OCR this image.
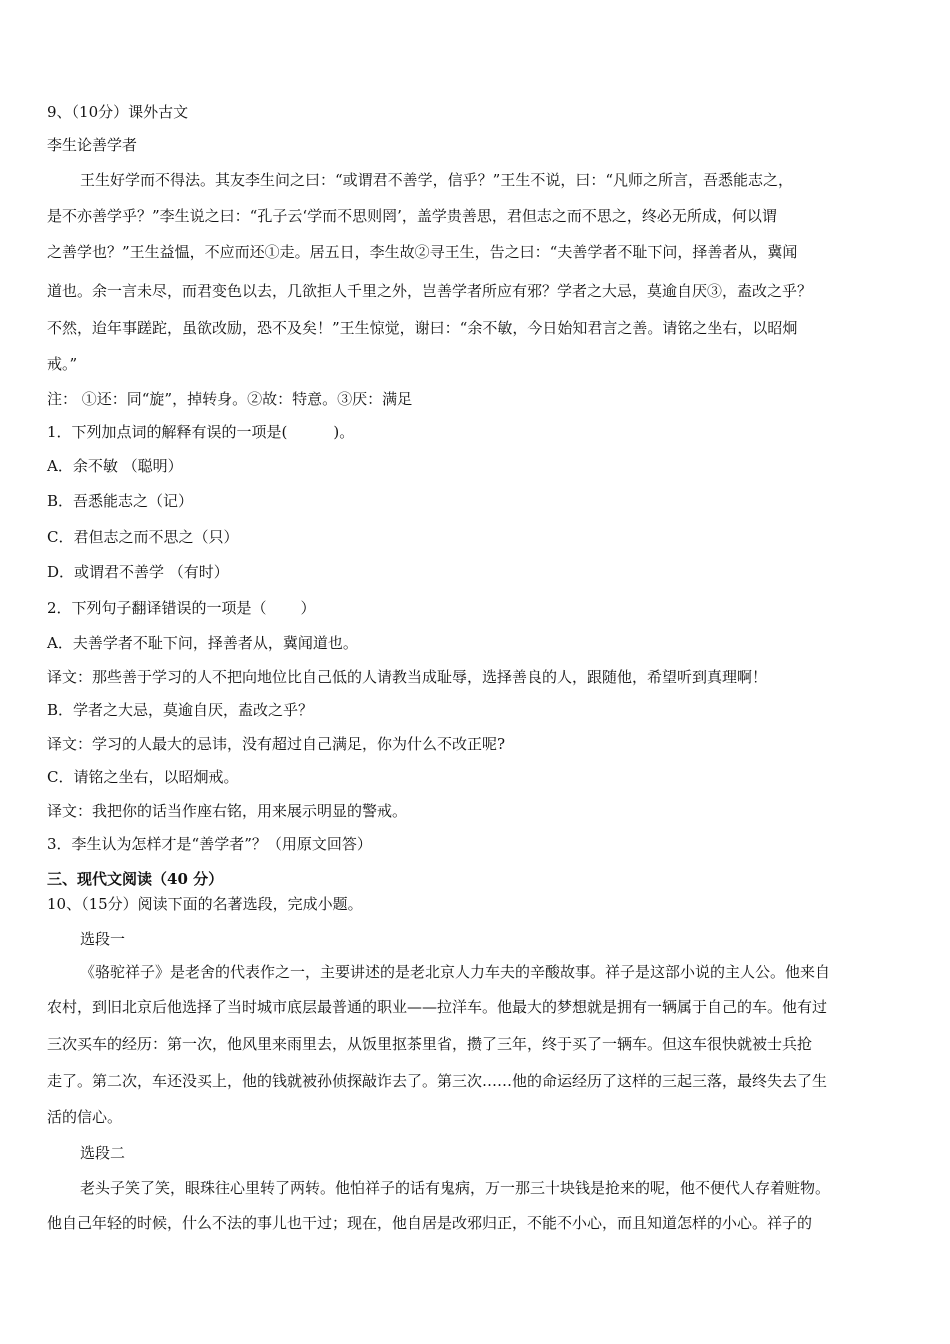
9、（10分）课外古文
李生论善学者
王生好学而不得法。其友李生问之曰：“或谓君不善学，信乎？”王生不说，曰：“凡师之所言，吾悉能志之，
是不亦善学乎？”李生说之曰：“孔子云‘学而不思则罔’，盖学贵善思，君但志之而不思之，终必无所成，何以谓
之善学也？”王生益愠，不应而还①走。居五日，李生故②寻王生，告之曰：“夫善学者不耻下问，择善者从，冀闻
道也。余一言未尽，而君变色以去，几欲拒人千里之外，岂善学者所应有邪？学者之大忌，莫逾自厌③，盍改之乎？
不然，迨年事蹉跎，虽欲改励，恐不及矣！”王生惊觉，谢曰：“余不敏，今日始知君言之善。请铭之坐右，以昭炯
戒。”
注： ①还：同“旋”，掉转身。②故：特意。③厌：满足
1．下列加点词的解释有误的一项是(	)。
A．余不敏 （聪明）
B．吾悉能志之（记）
C．君但志之而不思之（只）
D．或谓君不善学 （有时）
2．下列句子翻译错误的一项是（ ）
A．夫善学者不耻下问，择善者从，冀闻道也。
译文：那些善于学习的人不把向地位比自己低的人请教当成耻辱，选择善良的人，跟随他，希望听到真理啊！
B．学者之大忌，莫逾自厌，盍改之乎？
译文：学习的人最大的忌讳，没有超过自己满足，你为什么不改正呢?
C．请铭之坐右，以昭炯戒。
译文：我把你的话当作座右铭，用来展示明显的警戒。
3．李生认为怎样才是“善学者”？（用原文回答）
三、现代文阅读（40 分）
10、（15分）阅读下面的名著选段，完成小题。
选段一
《骆驼祥子》是老舍的代表作之一，主要讲述的是老北京人力车夫的辛酸故事。祥子是这部小说的主人公。他来自
农村，到旧北京后他选择了当时城市底层最普通的职业——拉洋车。他最大的梦想就是拥有一辆属于自己的车。他有过
三次买车的经历：第一次，他风里来雨里去，从饭里抠茶里省，攒了三年，终于买了一辆车。但这车很快就被士兵抢
走了。第二次，车还没买上，他的钱就被孙侦探敲诈去了。第三次……他的命运经历了这样的三起三落，最终失去了生
活的信心。
选段二
老头子笑了笑，眼珠往心里转了两转。他怕祥子的话有鬼病，万一那三十块钱是抢来的呢，他不便代人存着赃物。
他自己年轻的时候，什么不法的事儿也干过；现在，他自居是改邪归正，不能不小心，而且知道怎样的小心。祥子的
